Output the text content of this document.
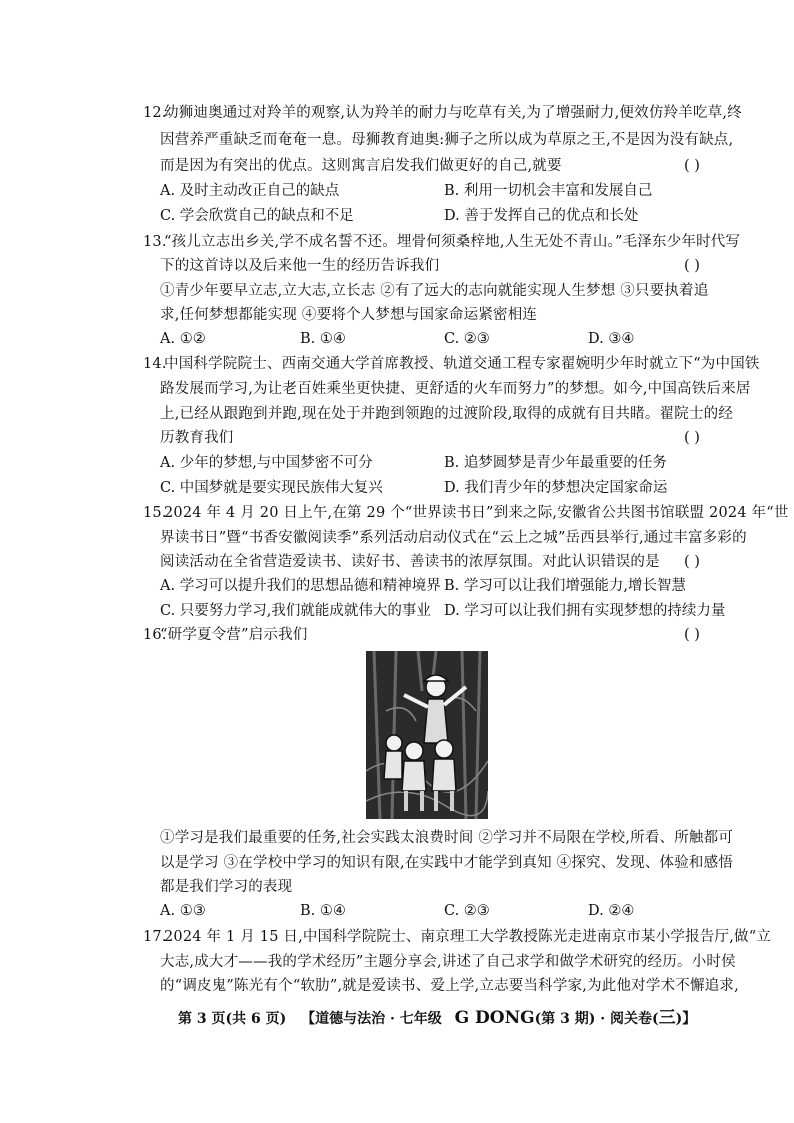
12.
幼狮迪奥通过对羚羊的观察,认为羚羊的耐力与吃草有关,为了增强耐力,便效仿羚羊吃草,终
因营养严重缺乏而奄奄一息。母狮教育迪奥:狮子之所以成为草原之王,不是因为没有缺点,
而是因为有突出的优点。这则寓言启发我们做更好的自己,就要	( )
A. 及时主动改正自己的缺点	B. 利用一切机会丰富和发展自己
C. 学会欣赏自己的缺点和不足	D. 善于发挥自己的优点和长处
13.
“孩儿立志出乡关,学不成名誓不还。埋骨何须桑梓地,人生无处不青山。”毛泽东少年时代写
下的这首诗以及后来他一生的经历告诉我们	( )
①青少年要早立志,立大志,立长志 ②有了远大的志向就能实现人生梦想 ③只要执着追
求,任何梦想都能实现 ④要将个人梦想与国家命运紧密相连
A. ①②	B. ①④	C. ②③	D. ③④
14.
中国科学院院士、西南交通大学首席教授、轨道交通工程专家翟婉明少年时就立下“为中国铁
路发展而学习,为让老百姓乘坐更快捷、更舒适的火车而努力”的梦想。如今,中国高铁后来居
上,已经从跟跑到并跑,现在处于并跑到领跑的过渡阶段,取得的成就有目共睹。翟院士的经
历教育我们	( )
A. 少年的梦想,与中国梦密不可分	B. 追梦圆梦是青少年最重要的任务
C. 中国梦就是要实现民族伟大复兴	D. 我们青少年的梦想决定国家命运
15.
2024 年 4 月 20 日上午,在第 29 个“世界读书日”到来之际,安徽省公共图书馆联盟 2024 年“世
界读书日”暨“书香安徽阅读季”系列活动启动仪式在“云上之城”岳西县举行,通过丰富多彩的
阅读活动在全省营造爱读书、读好书、善读书的浓厚氛围。对此认识错误的是 ( )
A. 学习可以提升我们的思想品德和精神境界 B. 学习可以让我们增强能力,增长智慧
C. 只要努力学习,我们就能成就伟大的事业 D. 学习可以让我们拥有实现梦想的持续力量
16.
“研学夏令营”启示我们	( )
①学习是我们最重要的任务,社会实践太浪费时间 ②学习并不局限在学校,所看、所触都可
以是学习 ③在学校中学习的知识有限,在实践中才能学到真知 ④探究、发现、体验和感悟
都是我们学习的表现
A. ①③	B. ①④	C. ②③	D. ②④
17.
2024 年 1 月 15 日,中国科学院院士、南京理工大学教授陈光走进南京市某小学报告厅,做“立
大志,成大才——我的学术经历”主题分享会,讲述了自己求学和做学术研究的经历。小时侯
的“调皮鬼”陈光有个“软肋”,就是爱读书、爱上学,立志要当科学家,为此他对学术不懈追求,
第 3 页(共 6 页) 【道德与法治 · 七年级 G DONG(第 3 期) · 阅关卷(三)】
